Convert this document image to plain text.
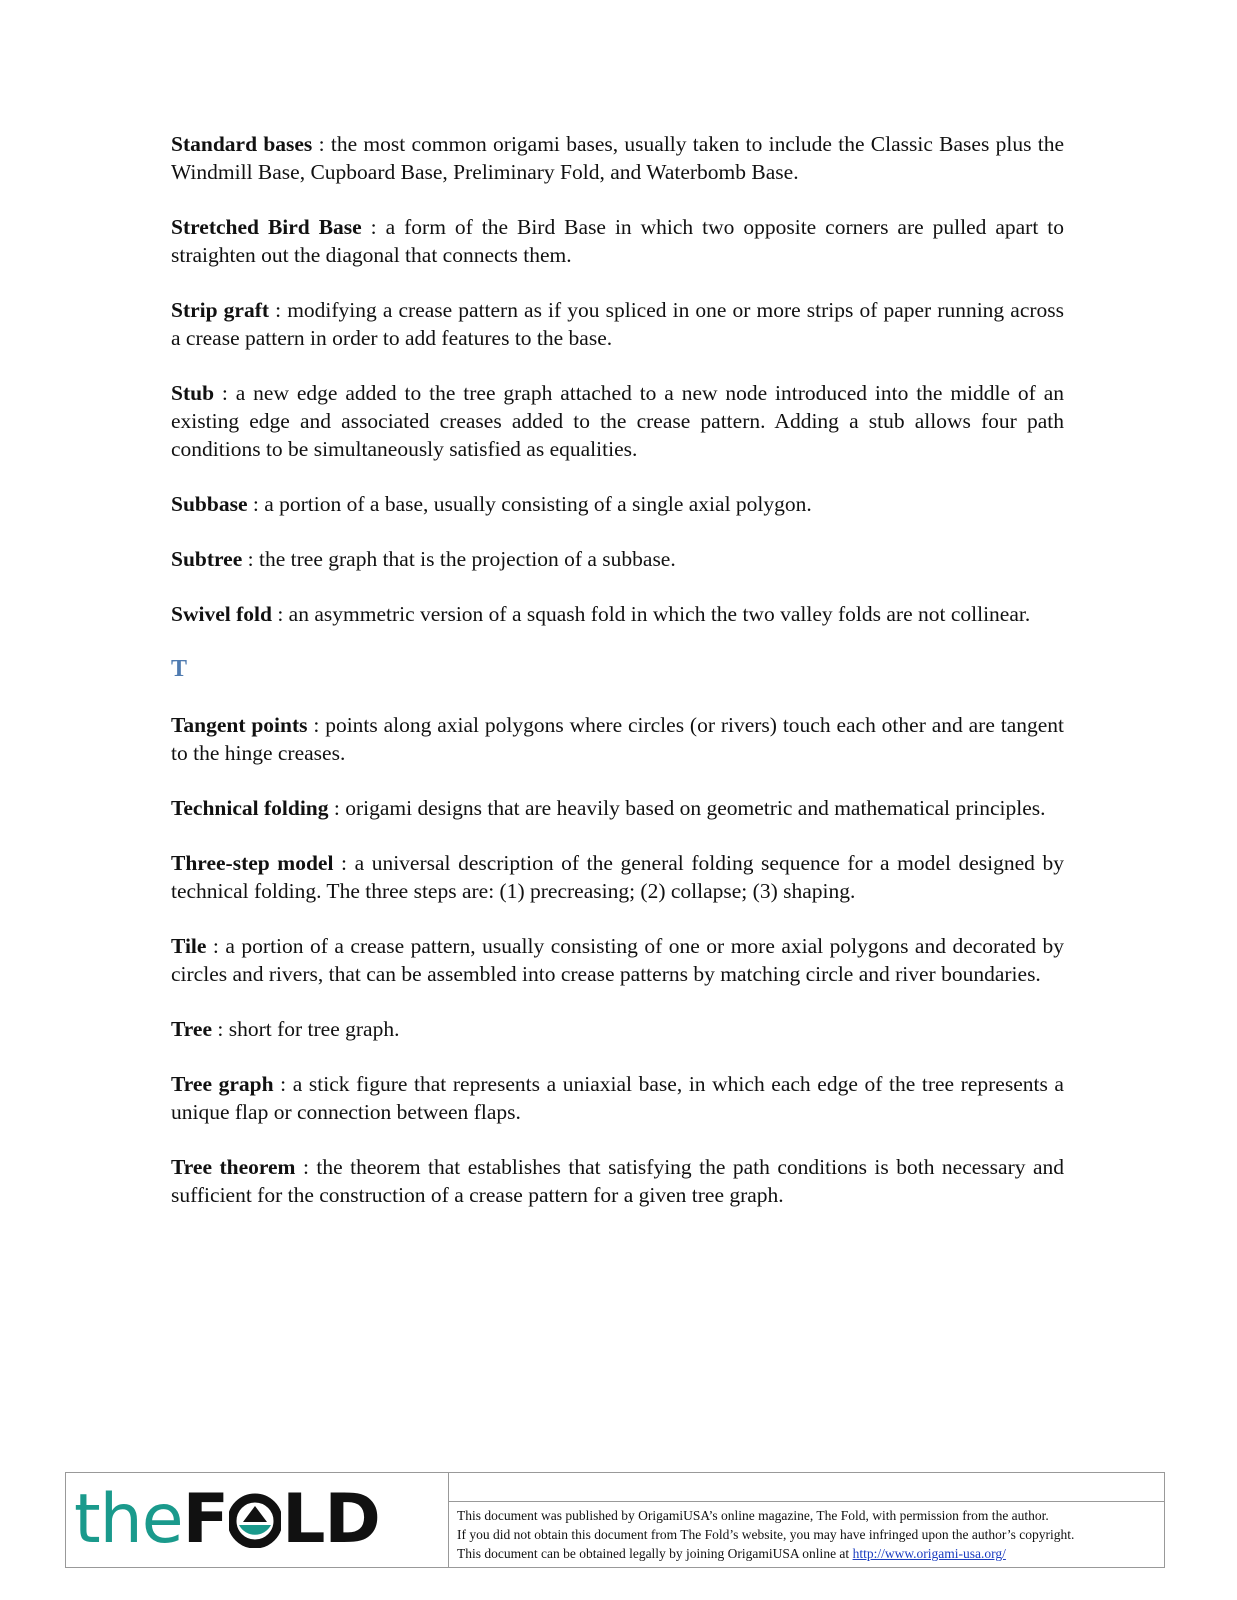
Standard bases : the most common origami bases, usually taken to include the Classic Bases plus the Windmill Base, Cupboard Base, Preliminary Fold, and Waterbomb Base.

Stretched Bird Base : a form of the Bird Base in which two opposite corners are pulled apart to straighten out the diagonal that connects them.

Strip graft : modifying a crease pattern as if you spliced in one or more strips of paper running across a crease pattern in order to add features to the base.

Stub : a new edge added to the tree graph attached to a new node introduced into the middle of an existing edge and associated creases added to the crease pattern. Adding a stub allows four path conditions to be simultaneously satisfied as equalities.

Subbase : a portion of a base, usually consisting of a single axial polygon.

Subtree : the tree graph that is the projection of a subbase.

Swivel fold : an asymmetric version of a squash fold in which the two valley folds are not collinear.

T

Tangent points : points along axial polygons where circles (or rivers) touch each other and are tangent to the hinge creases.

Technical folding : origami designs that are heavily based on geometric and mathematical principles.

Three-step model : a universal description of the general folding sequence for a model designed by technical folding. The three steps are: (1) precreasing; (2) collapse; (3) shaping.

Tile : a portion of a crease pattern, usually consisting of one or more axial polygons and decorated by circles and rivers, that can be assembled into crease patterns by matching circle and river boundaries.

Tree : short for tree graph.

Tree graph : a stick figure that represents a uniaxial base, in which each edge of the tree represents a unique flap or connection between flaps.

Tree theorem : the theorem that establishes that satisfying the path conditions is both necessary and sufficient for the construction of a crease pattern for a given tree graph.

the F LD	This document was published by OrigamiUSA’s online magazine, The Fold, with permission from the author.
If you did not obtain this document from The Fold’s website, you may have infringed upon the author’s copyright.
This document can be obtained legally by joining OrigamiUSA online at http://www.origami-usa.org/
